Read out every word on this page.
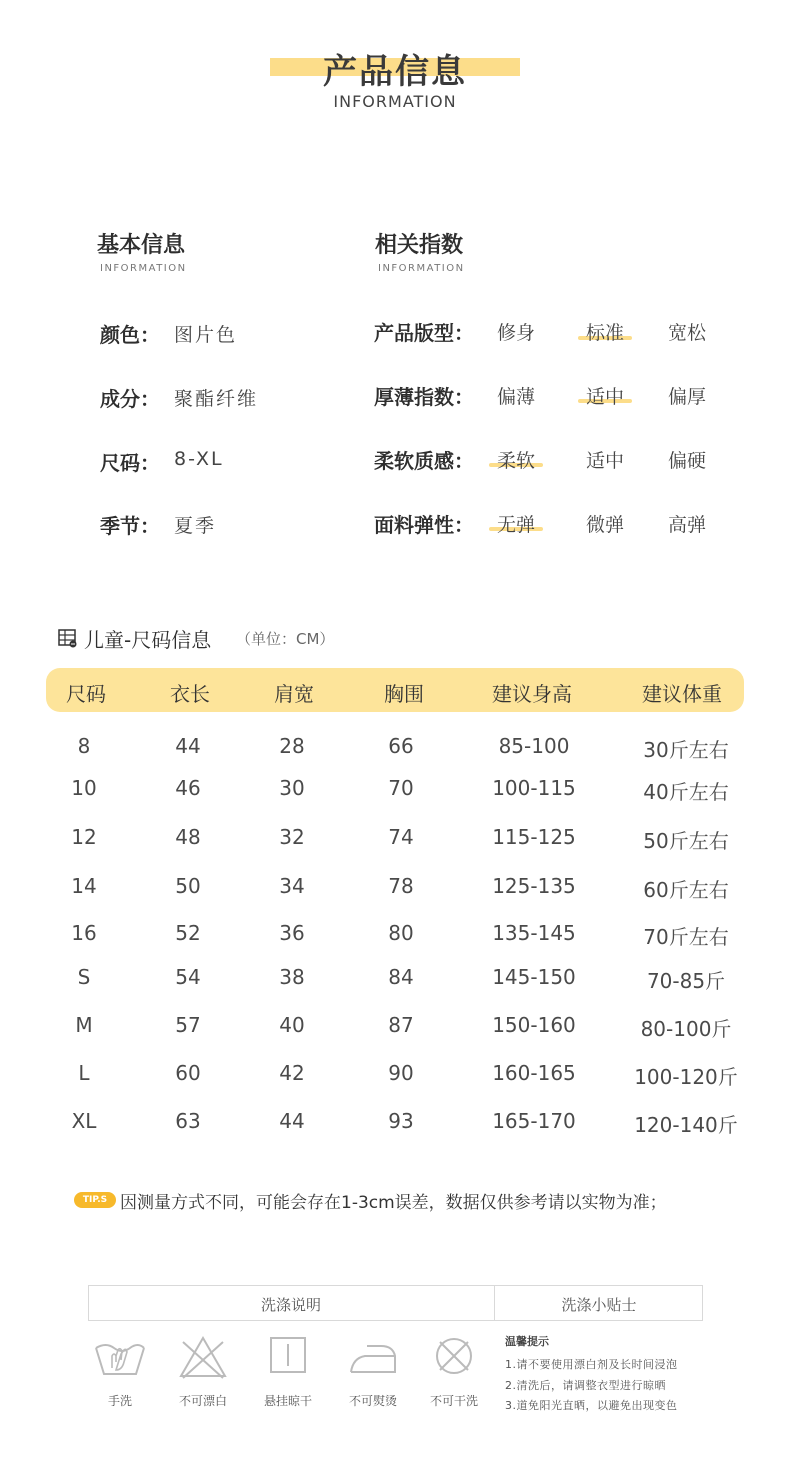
产品信息
INFORMATION
基本信息
INFORMATION
颜色： 图片色
成分： 聚酯纤维
尺码： 8-XL
季节： 夏季
相关指数
INFORMATION
产品版型：	修身	标准	宽松
厚薄指数：	偏薄	适中	偏厚
柔软质感：	柔软	适中	偏硬
面料弹性：	无弹	微弹	高弹
儿童-尺码信息 （单位：CM）
尺码	衣长	肩宽	胸围	建议身高	建议体重
8	44	28	66	85-100	30斤左右
10	46	30	70	100-115	40斤左右
12	48	32	74	115-125	50斤左右
14	50	34	78	125-135	60斤左右
16	52	36	80	135-145	70斤左右
S	54	38	84	145-150	70-85斤
M	57	40	87	150-160	80-100斤
L	60	42	90	160-165	100-120斤
XL	63	44	93	165-170	120-140斤
TIP.S 因测量方式不同，可能会存在1-3cm误差，数据仅供参考请以实物为准；
洗涤说明	洗涤小贴士
手洗	不可漂白	悬挂晾干	不可熨烫	不可干洗
温馨提示
1.请不要使用漂白剂及长时间浸泡
2.清洗后，请调整衣型进行晾晒
3.道免阳光直晒，以避免出现变色
